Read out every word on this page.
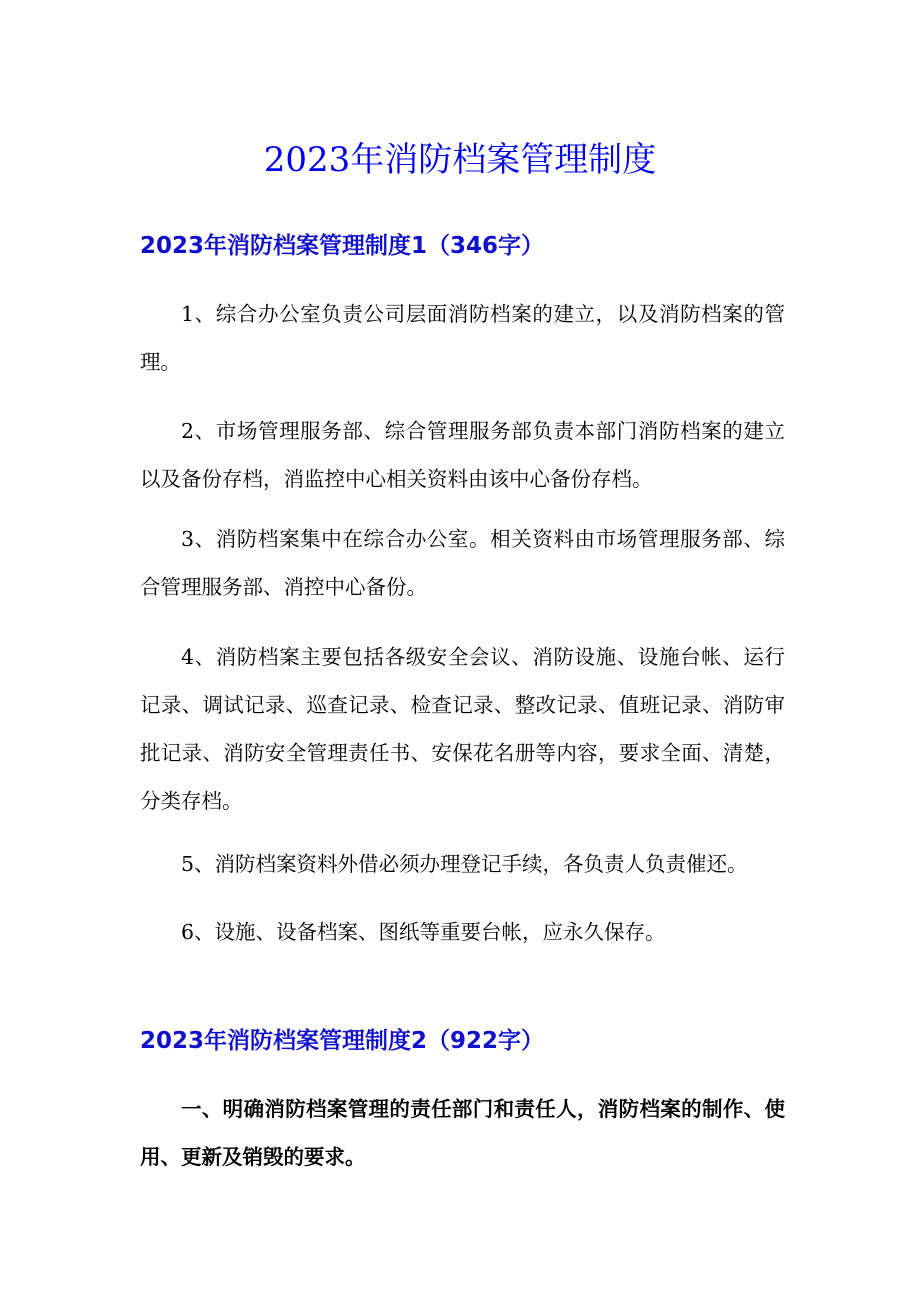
2023年消防档案管理制度
2023年消防档案管理制度1（346字）

1、综合办公室负责公司层面消防档案的建立，以及消防档案的管理。

2、市场管理服务部、综合管理服务部负责本部门消防档案的建立以及备份存档，消监控中心相关资料由该中心备份存档。

3、消防档案集中在综合办公室。相关资料由市场管理服务部、综合管理服务部、消控中心备份。

4、消防档案主要包括各级安全会议、消防设施、设施台帐、运行记录、调试记录、巡查记录、检查记录、整改记录、值班记录、消防审批记录、消防安全管理责任书、安保花名册等内容，要求全面、清楚，分类存档。

5、消防档案资料外借必须办理登记手续，各负责人负责催还。

6、设施、设备档案、图纸等重要台帐，应永久保存。

2023年消防档案管理制度2（922字）

一、明确消防档案管理的责任部门和责任人，消防档案的制作、使用、更新及销毁的要求。
